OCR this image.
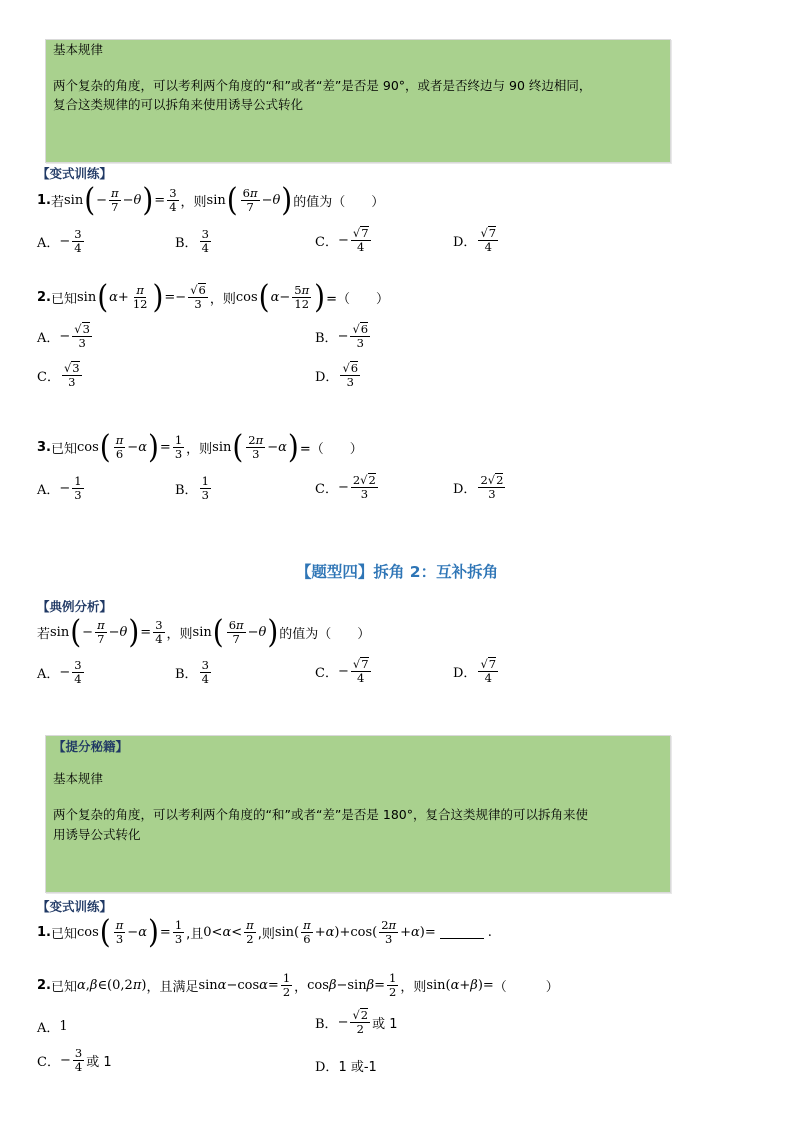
基本规律
两个复杂的角度，可以考利两个角度的“和”或者“差”是否是 90°，或者是否终边与 90 终边相同，
复合这类规律的可以拆角来使用诱导公式转化
【变式训练】
1. 若 sin ( − $\frac{\pi}{7} - \theta$ ) = $\frac{3}{4}$ ，则 sin ( $\frac{6\pi}{7} - \theta$ ) 的值为（　　）
A． − $\frac{3}{4}$	B． $\frac{3}{4}$	C． − $\frac{√7}{4}$	D． $\frac{√7}{4}$
2. 已知 sin ( $\alpha + \frac{\pi}{12}$ ) =− $\frac{√6}{3}$ ，则 cos ( $\alpha - \frac{5\pi}{12}$ ) =（　　）
A． − $\frac{√3}{3}$	B． − $\frac{√6}{3}$
C． $\frac{√3}{3}$	D． $\frac{√6}{3}$
3. 已知 cos ( $\frac{\pi}{6} - \alpha$ ) = $\frac{1}{3}$ ，则 sin ( $\frac{2\pi}{3} - \alpha$ ) =（　　）
A． − $\frac{1}{3}$	B． $\frac{1}{3}$	C． − $\frac{2√2}{3}$	D． $\frac{2√2}{3}$
【题型四】拆角 2：互补拆角
【典例分析】
若 sin ( − $\frac{\pi}{7} - \theta$ ) = $\frac{3}{4}$ ，则 sin ( $\frac{6\pi}{7} - \theta$ ) 的值为（　　）
A． − $\frac{3}{4}$	B． $\frac{3}{4}$	C． − $\frac{√7}{4}$	D． $\frac{√7}{4}$
【提分秘籍】
基本规律
两个复杂的角度，可以考利两个角度的“和”或者“差”是否是 180°，复合这类规律的可以拆角来使
用诱导公式转化
【变式训练】
1. 已知 cos ( $\frac{\pi}{3} - \alpha$ ) = $\frac{1}{3}$ ,且 $0< \alpha < \frac{\pi}{2}$ ,则 $\sin( \frac{\pi}{6} + \alpha$ )+ $\cos( \frac{2\pi}{3} + \alpha$ )=	.
2. 已知 α , β ∈(0,2 π ) ，且满足 $\sin \alpha - \cos \alpha = \frac{1}{2}$ ， $\cos \beta - \sin \beta = \frac{1}{2}$ ，则 sin( α + β )= （　　　）
A． 1	B． − $\frac{√2}{2}$ 或 1
C． − $\frac{3}{4}$ 或 1	D． 1 或-1
